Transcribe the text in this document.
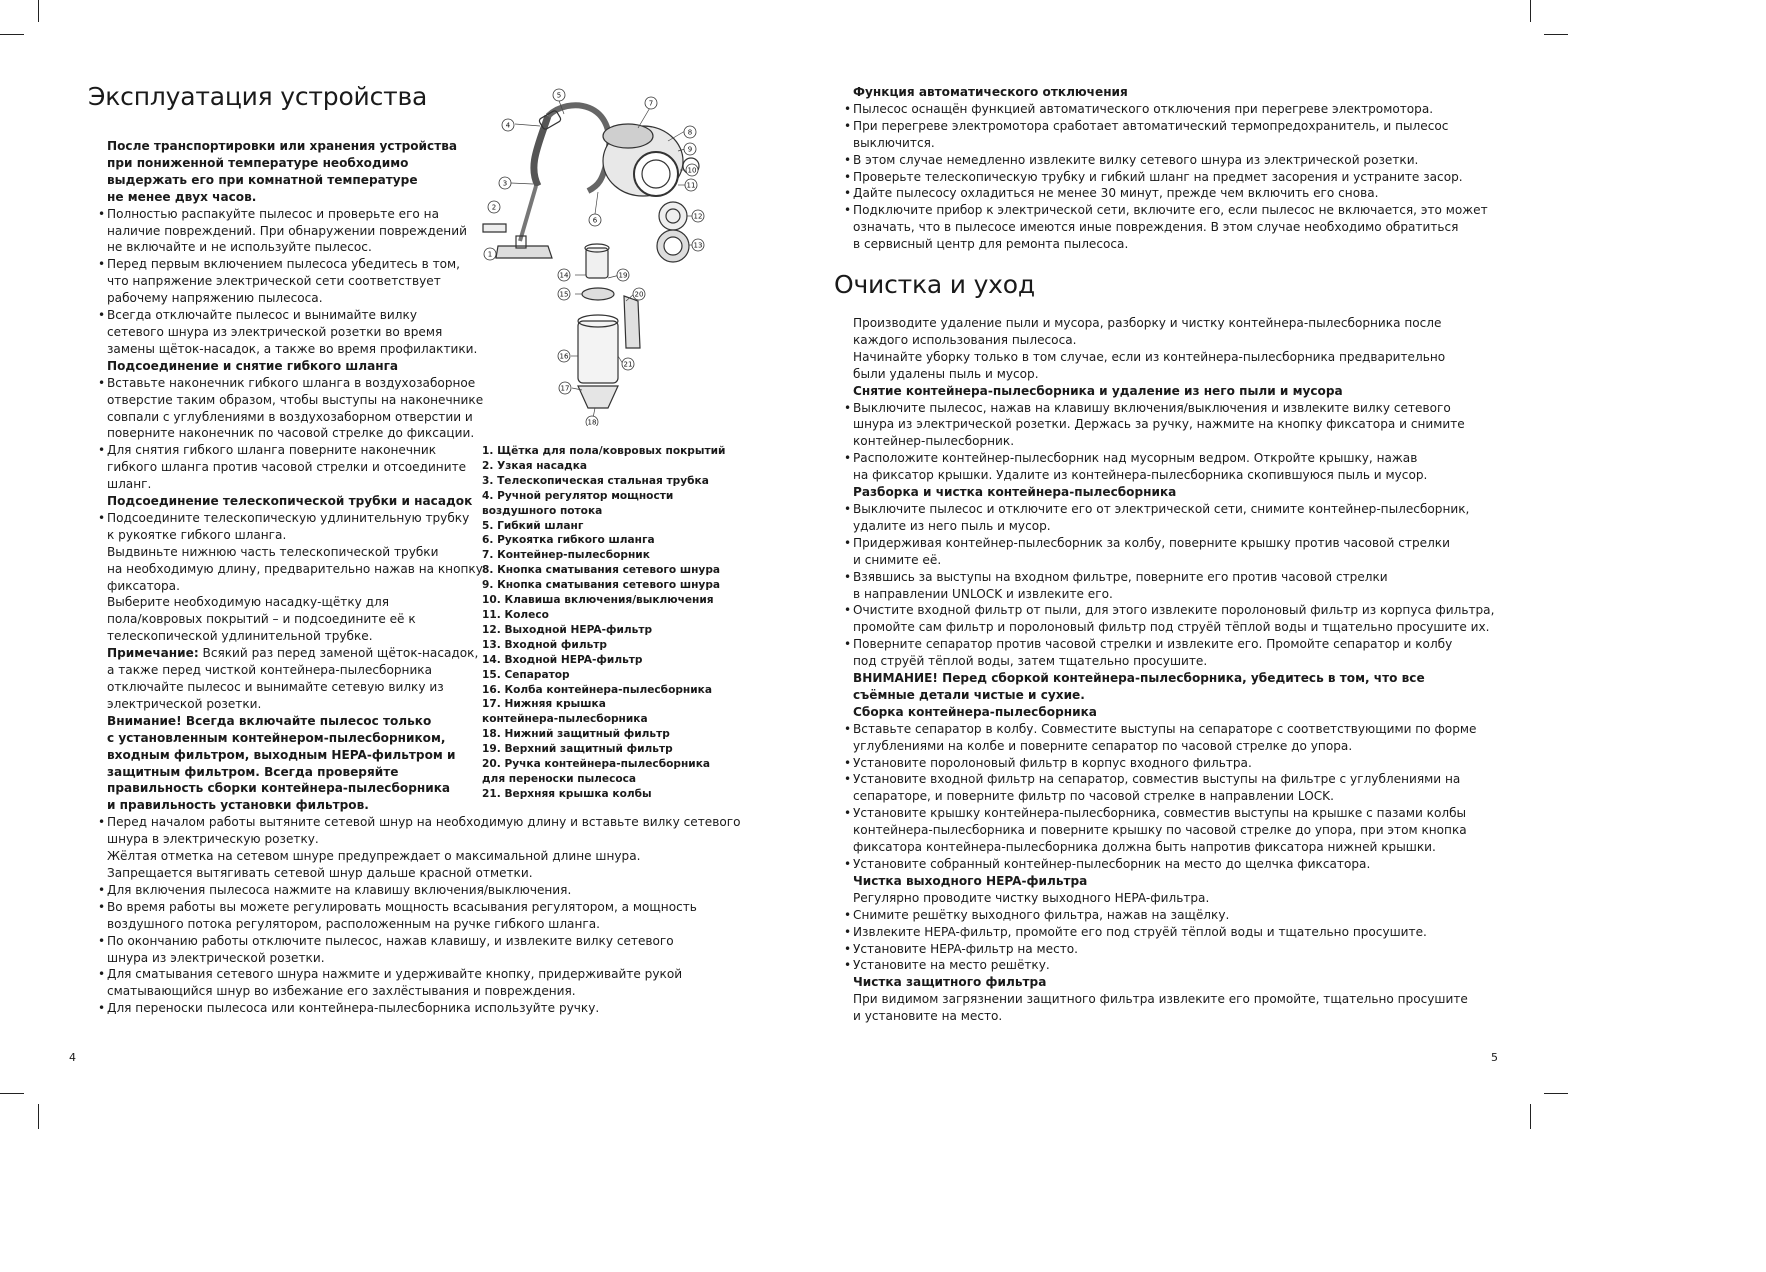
Эксплуатация устройства
После транспортировки или хранения устройства
при пониженной температуре необходимо
выдержать его при комнатной температуре
не менее двух часов.
• Полностью распакуйте пылесос и проверьте его на
наличие повреждений. При обнаружении повреждений
не включайте и не используйте пылесос.
• Перед первым включением пылесоса убедитесь в том,
что напряжение электрической сети соответствует
рабочему напряжению пылесоса.
• Всегда отключайте пылесос и вынимайте вилку
сетевого шнура из электрической розетки во время
замены щёток-насадок, а также во время профилактики.
Подсоединение и снятие гибкого шланга
• Вставьте наконечник гибкого шланга в воздухозаборное
отверстие таким образом, чтобы выступы на наконечнике
совпали с углублениями в воздухозаборном отверстии и
поверните наконечник по часовой стрелке до фиксации.
• Для снятия гибкого шланга поверните наконечник
гибкого шланга против часовой стрелки и отсоедините
шланг.
Подсоединение телескопической трубки и насадок
• Подсоедините телескопическую удлинительную трубку
к рукоятке гибкого шланга.
Выдвиньте нижнюю часть телескопической трубки
на необходимую длину, предварительно нажав на кнопку
фиксатора.
Выберите необходимую насадку-щётку для
пола/ковровых покрытий – и подсоедините её к
телескопической удлинительной трубке.
Примечание: Всякий раз перед заменой щёток-насадок,
а также перед чисткой контейнера-пылесборника
отключайте пылесос и вынимайте сетевую вилку из
электрической розетки.
Внимание! Всегда включайте пылесос только
с установленным контейнером-пылесборником,
входным фильтром, выходным HEPA-фильтром и
защитным фильтром. Всегда проверяйте
правильность сборки контейнера-пылесборника
и правильность установки фильтров.
• Перед началом работы вытяните сетевой шнур на необходимую длину и вставьте вилку сетевого
шнура в электрическую розетку.
Жёлтая отметка на сетевом шнуре предупреждает о максимальной длине шнура.
Запрещается вытягивать сетевой шнур дальше красной отметки.
• Для включения пылесоса нажмите на клавишу включения/выключения.
• Во время работы вы можете регулировать мощность всасывания регулятором, а мощность
воздушного потока регулятором, расположенным на ручке гибкого шланга.
• По окончанию работы отключите пылесос, нажав клавишу, и извлеките вилку сетевого
шнура из электрической розетки.
• Для сматывания сетевого шнура нажмите и удерживайте кнопку, придерживайте рукой
сматывающийся шнур во избежание его захлёстывания и повреждения.
• Для переноски пылесоса или контейнера-пылесборника используйте ручку.
1
2
3
4
5
6
7
8
9
10
11
12
13
14
15
16
17
18
19
20
21
1. Щётка для пола/ковровых покрытий
2. Узкая насадка
3. Телескопическая стальная трубка
4. Ручной регулятор мощности
воздушного потока
5. Гибкий шланг
6. Рукоятка гибкого шланга
7. Контейнер-пылесборник
8. Кнопка сматывания сетевого шнура
9. Кнопка сматывания сетевого шнура
10. Клавиша включения/выключения
11. Колесо
12. Выходной HEPA-фильтр
13. Входной фильтр
14. Входной HEPA-фильтр
15. Сепаратор
16. Колба контейнера-пылесборника
17. Нижняя крышка
контейнера-пылесборника
18. Нижний защитный фильтр
19. Верхний защитный фильтр
20. Ручка контейнера-пылесборника
для переноски пылесоса
21. Верхняя крышка колбы
4
Функция автоматического отключения
• Пылесос оснащён функцией автоматического отключения при перегреве электромотора.
• При перегреве электромотора сработает автоматический термопредохранитель, и пылесос
выключится.
• В этом случае немедленно извлеките вилку сетевого шнура из электрической розетки.
• Проверьте телескопическую трубку и гибкий шланг на предмет засорения и устраните засор.
• Дайте пылесосу охладиться не менее 30 минут, прежде чем включить его снова.
• Подключите прибор к электрической сети, включите его, если пылесос не включается, это может
означать, что в пылесосе имеются иные повреждения. В этом случае необходимо обратиться
в сервисный центр для ремонта пылесоса.
Очистка и уход
Производите удаление пыли и мусора, разборку и чистку контейнера-пылесборника после
каждого использования пылесоса.
Начинайте уборку только в том случае, если из контейнера-пылесборника предварительно
были удалены пыль и мусор.
Снятие контейнера-пылесборника и удаление из него пыли и мусора
• Выключите пылесос, нажав на клавишу включения/выключения и извлеките вилку сетевого
шнура из электрической розетки. Держась за ручку, нажмите на кнопку фиксатора и снимите
контейнер-пылесборник.
• Расположите контейнер-пылесборник над мусорным ведром. Откройте крышку, нажав
на фиксатор крышки. Удалите из контейнера-пылесборника скопившуюся пыль и мусор.
Разборка и чистка контейнера-пылесборника
• Выключите пылесос и отключите его от электрической сети, снимите контейнер-пылесборник,
удалите из него пыль и мусор.
• Придерживая контейнер-пылесборник за колбу, поверните крышку против часовой стрелки
и снимите её.
• Взявшись за выступы на входном фильтре, поверните его против часовой стрелки
в направлении UNLOCK и извлеките его.
• Очистите входной фильтр от пыли, для этого извлеките поролоновый фильтр из корпуса фильтра,
промойте сам фильтр и поролоновый фильтр под струёй тёплой воды и тщательно просушите их.
• Поверните сепаратор против часовой стрелки и извлеките его. Промойте сепаратор и колбу
под струёй тёплой воды, затем тщательно просушите.
ВНИМАНИЕ! Перед сборкой контейнера-пылесборника, убедитесь в том, что все
съёмные детали чистые и сухие.
Сборка контейнера-пылесборника
• Вставьте сепаратор в колбу. Совместите выступы на сепараторе с соответствующими по форме
углублениями на колбе и поверните сепаратор по часовой стрелке до упора.
• Установите поролоновый фильтр в корпус входного фильтра.
• Установите входной фильтр на сепаратор, совместив выступы на фильтре с углублениями на
сепараторе, и поверните фильтр по часовой стрелке в направлении LOCK.
• Установите крышку контейнера-пылесборника, совместив выступы на крышке с пазами колбы
контейнера-пылесборника и поверните крышку по часовой стрелке до упора, при этом кнопка
фиксатора контейнера-пылесборника должна быть напротив фиксатора нижней крышки.
• Установите собранный контейнер-пылесборник на место до щелчка фиксатора.
Чистка выходного HEPA-фильтра
Регулярно проводите чистку выходного HEPA-фильтра.
• Снимите решётку выходного фильтра, нажав на защёлку.
• Извлеките HEPA-фильтр, промойте его под струёй тёплой воды и тщательно просушите.
• Установите HEPA-фильтр на место.
• Установите на место решётку.
Чистка защитного фильтра
При видимом загрязнении защитного фильтра извлеките его промойте, тщательно просушите
и установите на место.
5
